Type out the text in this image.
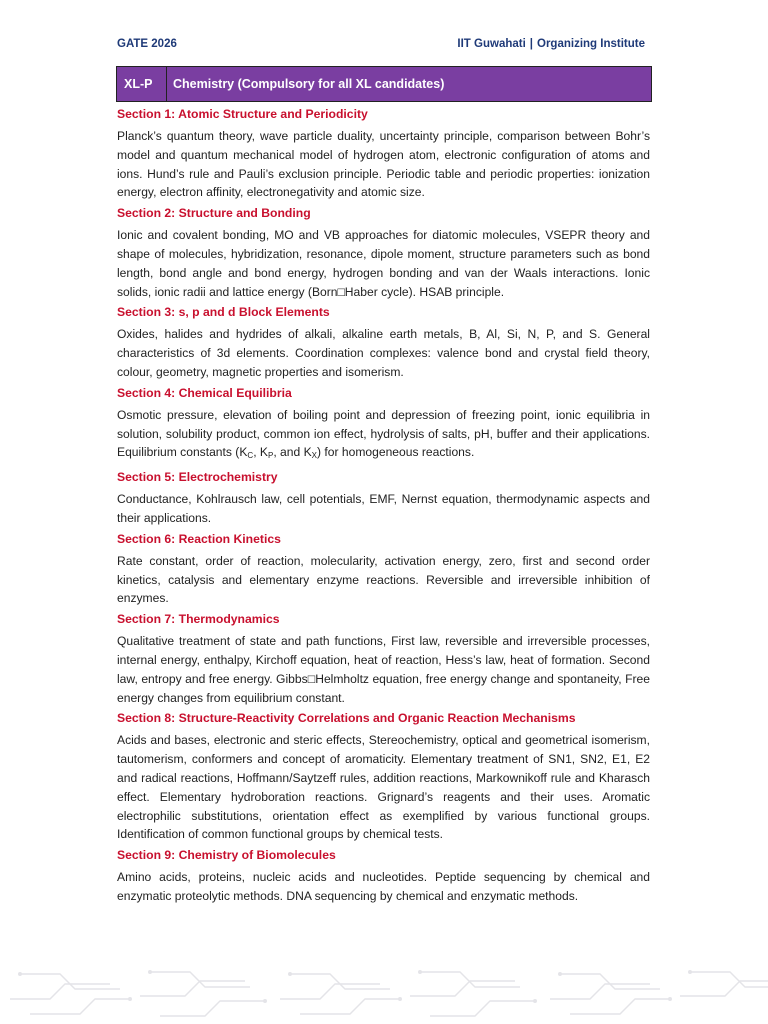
GATE 2026	IIT Guwahati | Organizing Institute
XL-P	Chemistry (Compulsory for all XL candidates)
Section 1: Atomic Structure and Periodicity

Planck’s quantum theory, wave particle duality, uncertainty principle, comparison between Bohr’s model and quantum mechanical model of hydrogen atom, electronic configuration of atoms and ions. Hund’s rule and Pauli’s exclusion principle. Periodic table and periodic properties: ionization energy, electron affinity, electronegativity and atomic size.

Section 2: Structure and Bonding

Ionic and covalent bonding, MO and VB approaches for diatomic molecules, VSEPR theory and shape of molecules, hybridization, resonance, dipole moment, structure parameters such as bond length, bond angle and bond energy, hydrogen bonding and van der Waals interactions. Ionic solids, ionic radii and lattice energy (Born□Haber cycle). HSAB principle.

Section 3: s, p and d Block Elements

Oxides, halides and hydrides of alkali, alkaline earth metals, B, Al, Si, N, P, and S. General characteristics of 3d elements. Coordination complexes: valence bond and crystal field theory, colour, geometry, magnetic properties and isomerism.

Section 4: Chemical Equilibria

Osmotic pressure, elevation of boiling point and depression of freezing point, ionic equilibria in solution, solubility product, common ion effect, hydrolysis of salts, pH, buffer and their applications. Equilibrium constants ($K_C$, $K_P$, and $K_X$) for homogeneous reactions.

Section 5: Electrochemistry

Conductance, Kohlrausch law, cell potentials, EMF, Nernst equation, thermodynamic aspects and their applications.

Section 6: Reaction Kinetics

Rate constant, order of reaction, molecularity, activation energy, zero, first and second order kinetics, catalysis and elementary enzyme reactions. Reversible and irreversible inhibition of enzymes.

Section 7: Thermodynamics

Qualitative treatment of state and path functions, First law, reversible and irreversible processes, internal energy, enthalpy, Kirchoff equation, heat of reaction, Hess’s law, heat of formation. Second law, entropy and free energy. Gibbs□Helmholtz equation, free energy change and spontaneity, Free energy changes from equilibrium constant.

Section 8: Structure-Reactivity Correlations and Organic Reaction Mechanisms

Acids and bases, electronic and steric effects, Stereochemistry, optical and geometrical isomerism, tautomerism, conformers and concept of aromaticity. Elementary treatment of SN1, SN2, E1, E2 and radical reactions, Hoffmann/Saytzeff rules, addition reactions, Markownikoff rule and Kharasch effect. Elementary hydroboration reactions. Grignard’s reagents and their uses. Aromatic electrophilic substitutions, orientation effect as exemplified by various functional groups. Identification of common functional groups by chemical tests.

Section 9: Chemistry of Biomolecules

Amino acids, proteins, nucleic acids and nucleotides. Peptide sequencing by chemical and enzymatic proteolytic methods. DNA sequencing by chemical and enzymatic methods.
